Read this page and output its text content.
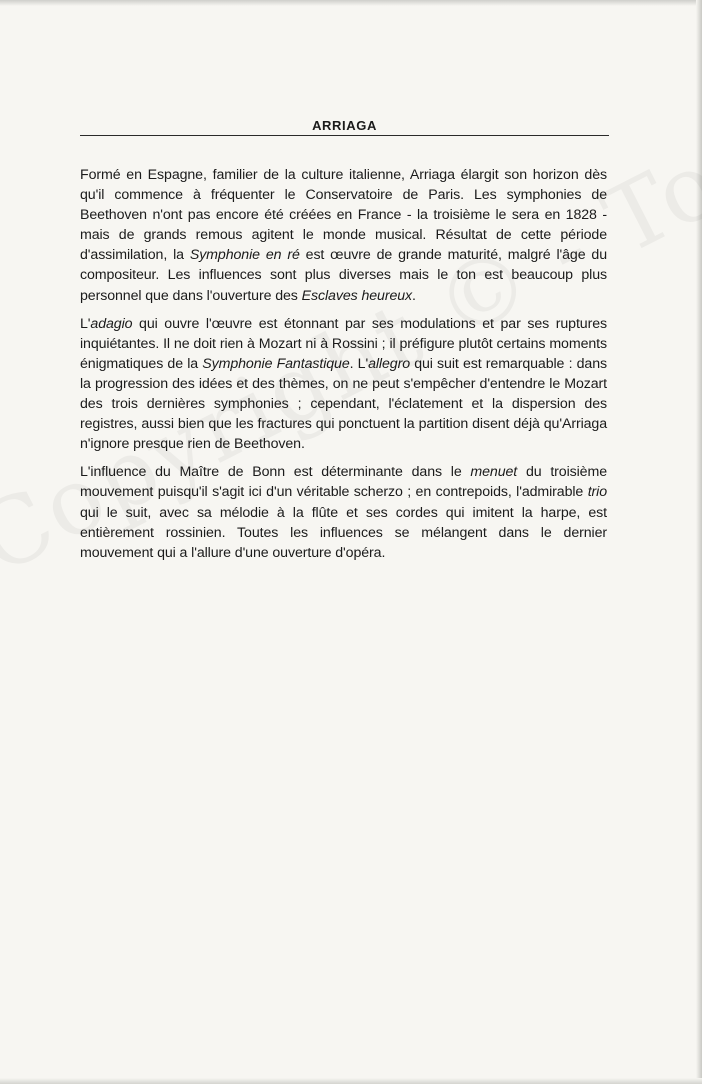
ARRIAGA

Formé en Espagne, familier de la culture italienne, Arriaga élargit son horizon dès qu'il commence à fréquenter le Conservatoire de Paris. Les symphonies de Beethoven n'ont pas encore été créées en France - la troisième le sera en 1828 - mais de grands remous agitent le monde musical. Résultat de cette période d'assimilation, la Symphonie en ré est œuvre de grande maturité, malgré l'âge du compositeur. Les influences sont plus diverses mais le ton est beaucoup plus personnel que dans l'ouverture des Esclaves heureux.

L'adagio qui ouvre l'œuvre est étonnant par ses modulations et par ses ruptures inquiétantes. Il ne doit rien à Mozart ni à Rossini ; il préfigure plutôt certains moments énigmatiques de la Symphonie Fantastique. L'allegro qui suit est remarquable : dans la progression des idées et des thèmes, on ne peut s'empêcher d'entendre le Mozart des trois dernières symphonies ; cependant, l'éclatement et la dispersion des registres, aussi bien que les fractures qui ponctuent la partition disent déjà qu'Arriaga n'ignore presque rien de Beethoven.

L'influence du Maître de Bonn est déterminante dans le menuet du troisième mouvement puisqu'il s'agit ici d'un véritable scherzo ; en contrepoids, l'admirable trio qui le suit, avec sa mélodie à la flûte et ses cordes qui imitent la harpe, est entièrement rossinien. Toutes les influences se mélangent dans le dernier mouvement qui a l'allure d'une ouverture d'opéra.
